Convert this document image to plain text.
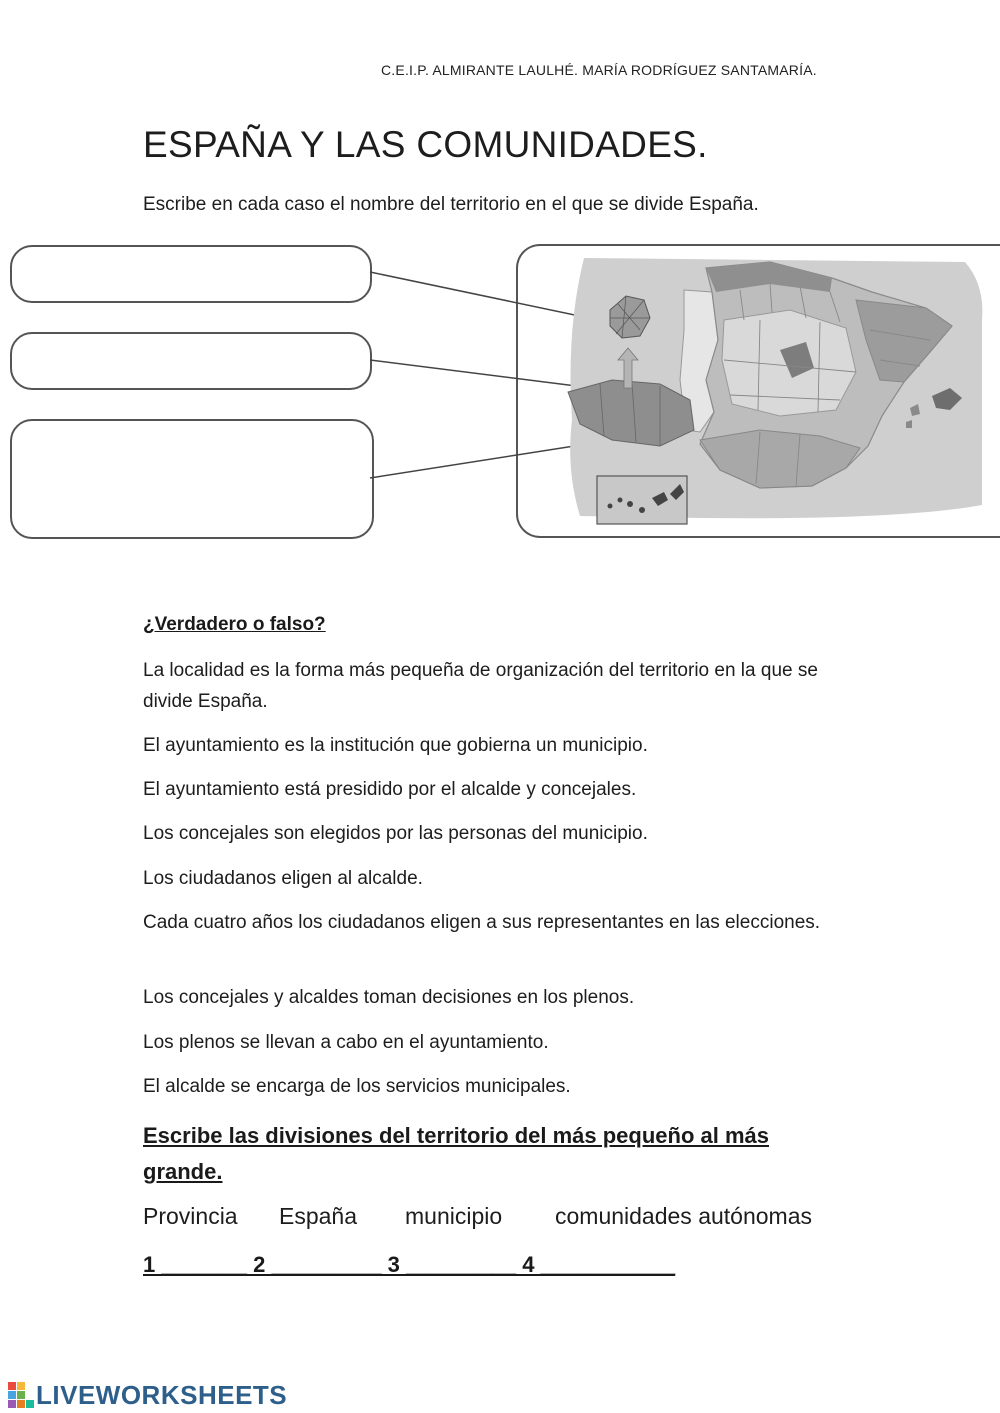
C.E.I.P. ALMIRANTE LAULHÉ. MARÍA RODRÍGUEZ SANTAMARÍA.
ESPAÑA Y LAS COMUNIDADES.
Escribe en cada caso el nombre del territorio en el que se divide España.
¿Verdadero o falso?
La localidad es la forma más pequeña de organización del territorio en la que se divide España.
El ayuntamiento es la institución que gobierna un municipio.
El ayuntamiento está presidido por el alcalde y concejales.
Los concejales son elegidos por las personas del municipio.
Los ciudadanos eligen al alcalde.
Cada cuatro años los ciudadanos eligen a sus representantes en las elecciones.
Los concejales y alcaldes toman decisiones en los plenos.
Los plenos se llevan a cabo en el ayuntamiento.
El alcalde se encarga de los servicios municipales.
Escribe las divisiones del territorio del más pequeño al más grande.
Provincia España municipio comunidades autónomas
1 _______ 2 _________ 3 _________ 4 ___________
LIVEWORKSHEETS
